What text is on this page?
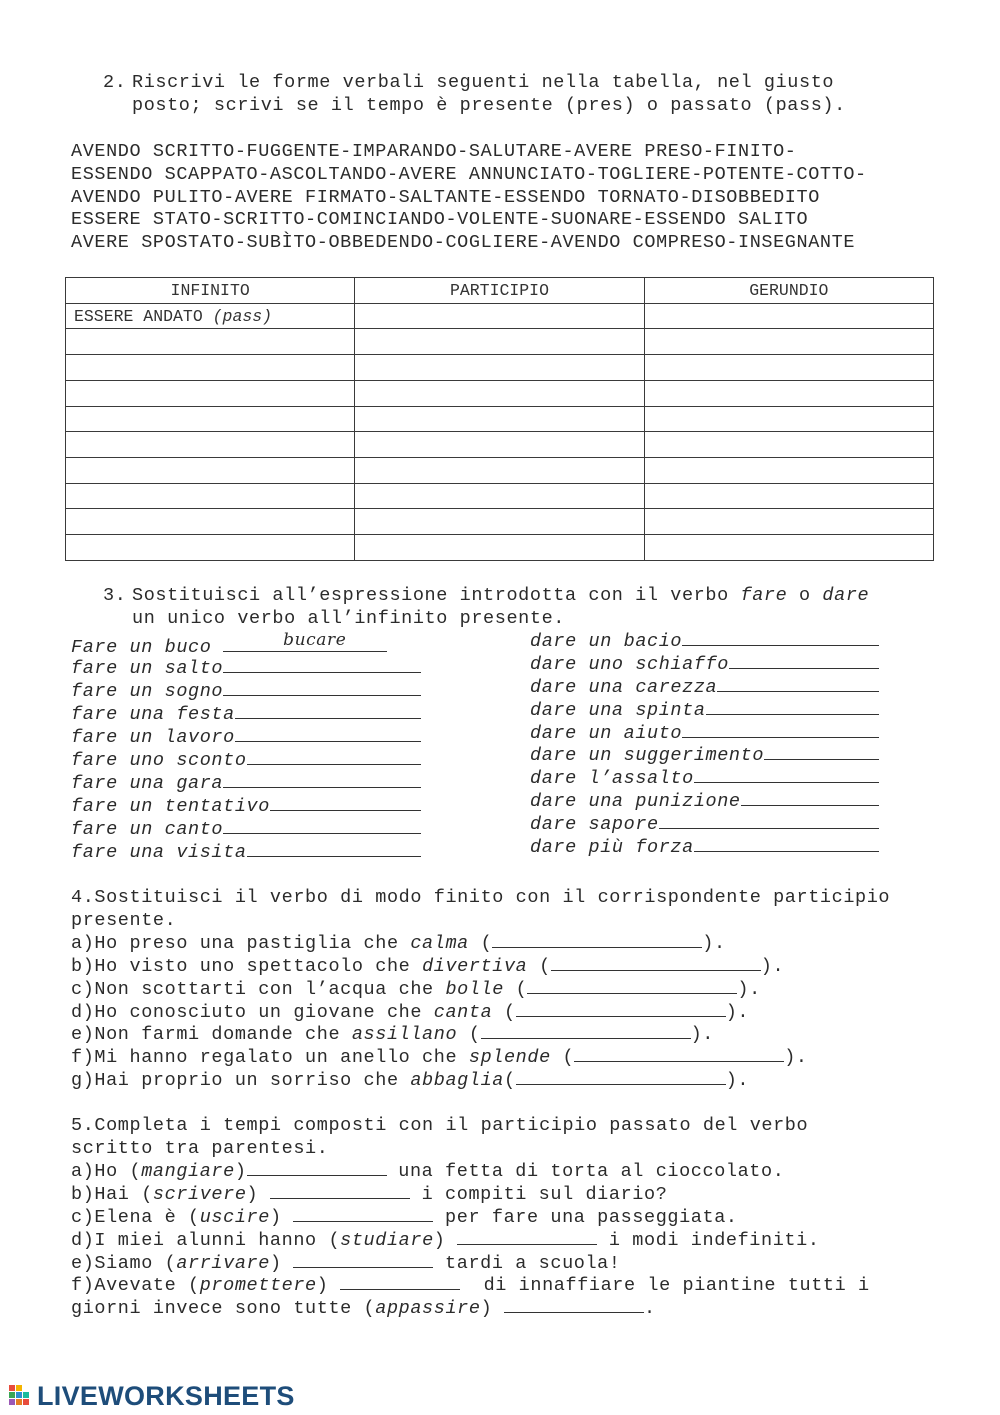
2. Riscrivi le forme verbali seguenti nella tabella, nel giusto
posto; scrivi se il tempo è presente (pres) o passato (pass).
AVENDO SCRITTO-FUGGENTE-IMPARANDO-SALUTARE-AVERE PRESO-FINITO-
ESSENDO SCAPPATO-ASCOLTANDO-AVERE ANNUNCIATO-TOGLIERE-POTENTE-COTTO-
AVENDO PULITO-AVERE FIRMATO-SALTANTE-ESSENDO TORNATO-DISOBBEDITO
ESSERE STATO-SCRITTO-COMINCIANDO-VOLENTE-SUONARE-ESSENDO SALITO
AVERE SPOSTATO-SUBÌTO-OBBEDENDO-COGLIERE-AVENDO COMPRESO-INSEGNANTE
INFINITO	PARTICIPIO	GERUNDIO
ESSERE ANDATO (pass)		

3. Sostituisci all’espressione introdotta con il verbo fare o dare
un unico verbo all’infinito presente.
Fare un buco	bucare
fare un salto
fare un sogno
fare una festa
fare un lavoro
fare uno sconto
fare una gara
fare un tentativo
fare un canto
fare una visita
dare un bacio
dare uno schiaffo
dare una carezza
dare una spinta
dare un aiuto
dare un suggerimento
dare l’assalto
dare una punizione
dare sapore
dare più forza
4.Sostituisci il verbo di modo finito con il corrispondente participio
presente.
a)Ho preso una pastiglia che calma (	).
b)Ho visto uno spettacolo che divertiva (	).
c)Non scottarti con l’acqua che bolle (	).
d)Ho conosciuto un giovane che canta (	).
e)Non farmi domande che assillano (	).
f)Mi hanno regalato un anello che splende (	).
g)Hai proprio un sorriso che abbaglia(	).
5.Completa i tempi composti con il participio passato del verbo
scritto tra parentesi.
a)Ho (mangiare)	una fetta di torta al cioccolato.
b)Hai (scrivere)	i compiti sul diario?
c)Elena è (uscire)	per fare una passeggiata.
d)I miei alunni hanno (studiare)	i modi indefiniti.
e)Siamo (arrivare)	tardi a scuola!
f)Avevate (promettere)	di innaffiare le piantine tutti i
giorni invece sono tutte (appassire)	.
LIVEWORKSHEETS
